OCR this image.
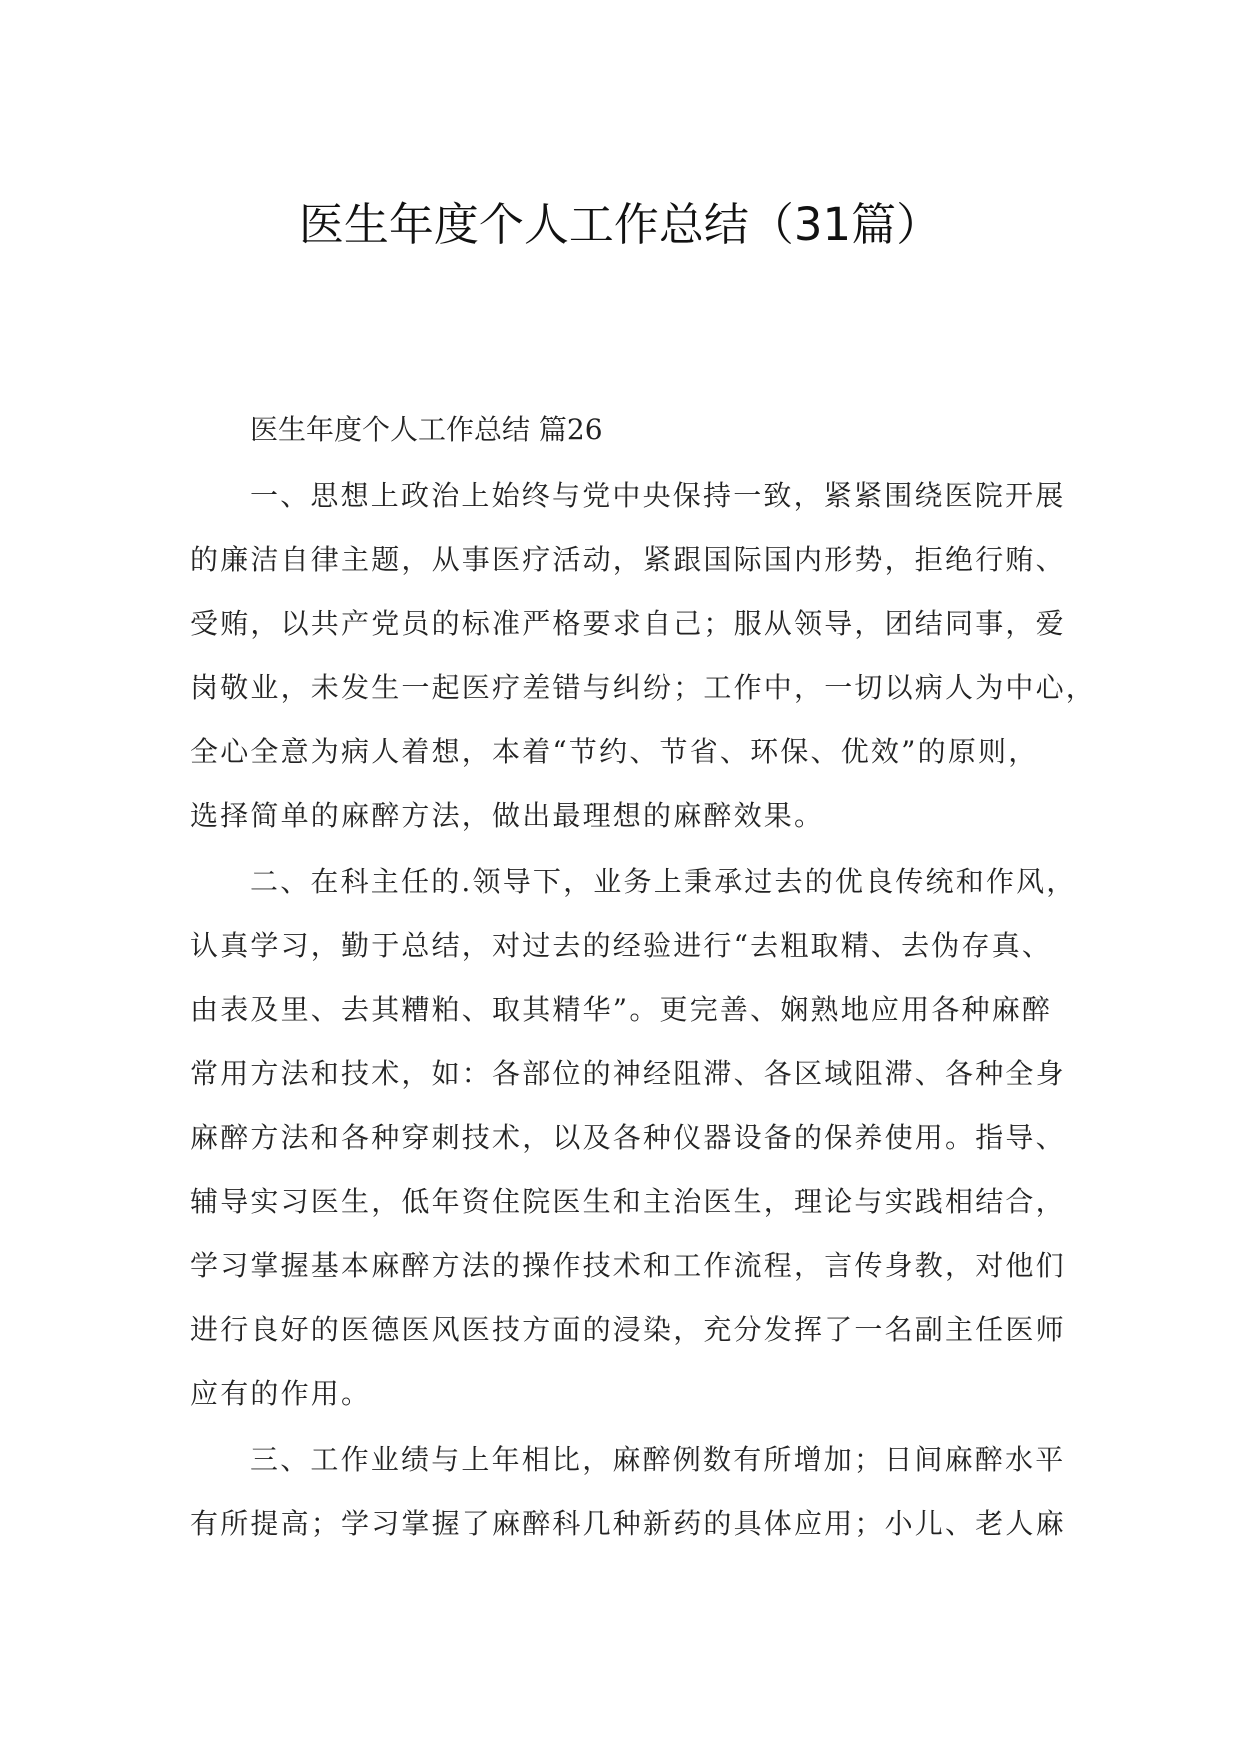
医生年度个人工作总结（31篇）
医生年度个人工作总结 篇26
一、思想上政治上始终与党中央保持一致，紧紧围绕医院开展
的廉洁自律主题，从事医疗活动，紧跟国际国内形势，拒绝行贿、
受贿，以共产党员的标准严格要求自己；服从领导，团结同事，爱
岗敬业，未发生一起医疗差错与纠纷；工作中，一切以病人为中心，
全心全意为病人着想，本着“节约、节省、环保、优效”的原则，
选择简单的麻醉方法，做出最理想的麻醉效果。
二、在科主任的.领导下，业务上秉承过去的优良传统和作风，
认真学习，勤于总结，对过去的经验进行“去粗取精、去伪存真、
由表及里、去其糟粕、取其精华”。更完善、娴熟地应用各种麻醉
常用方法和技术，如：各部位的神经阻滞、各区域阻滞、各种全身
麻醉方法和各种穿刺技术，以及各种仪器设备的保养使用。指导、
辅导实习医生，低年资住院医生和主治医生，理论与实践相结合，
学习掌握基本麻醉方法的操作技术和工作流程，言传身教，对他们
进行良好的医德医风医技方面的浸染，充分发挥了一名副主任医师
应有的作用。
三、工作业绩与上年相比，麻醉例数有所增加；日间麻醉水平
有所提高；学习掌握了麻醉科几种新药的具体应用；小儿、老人麻
